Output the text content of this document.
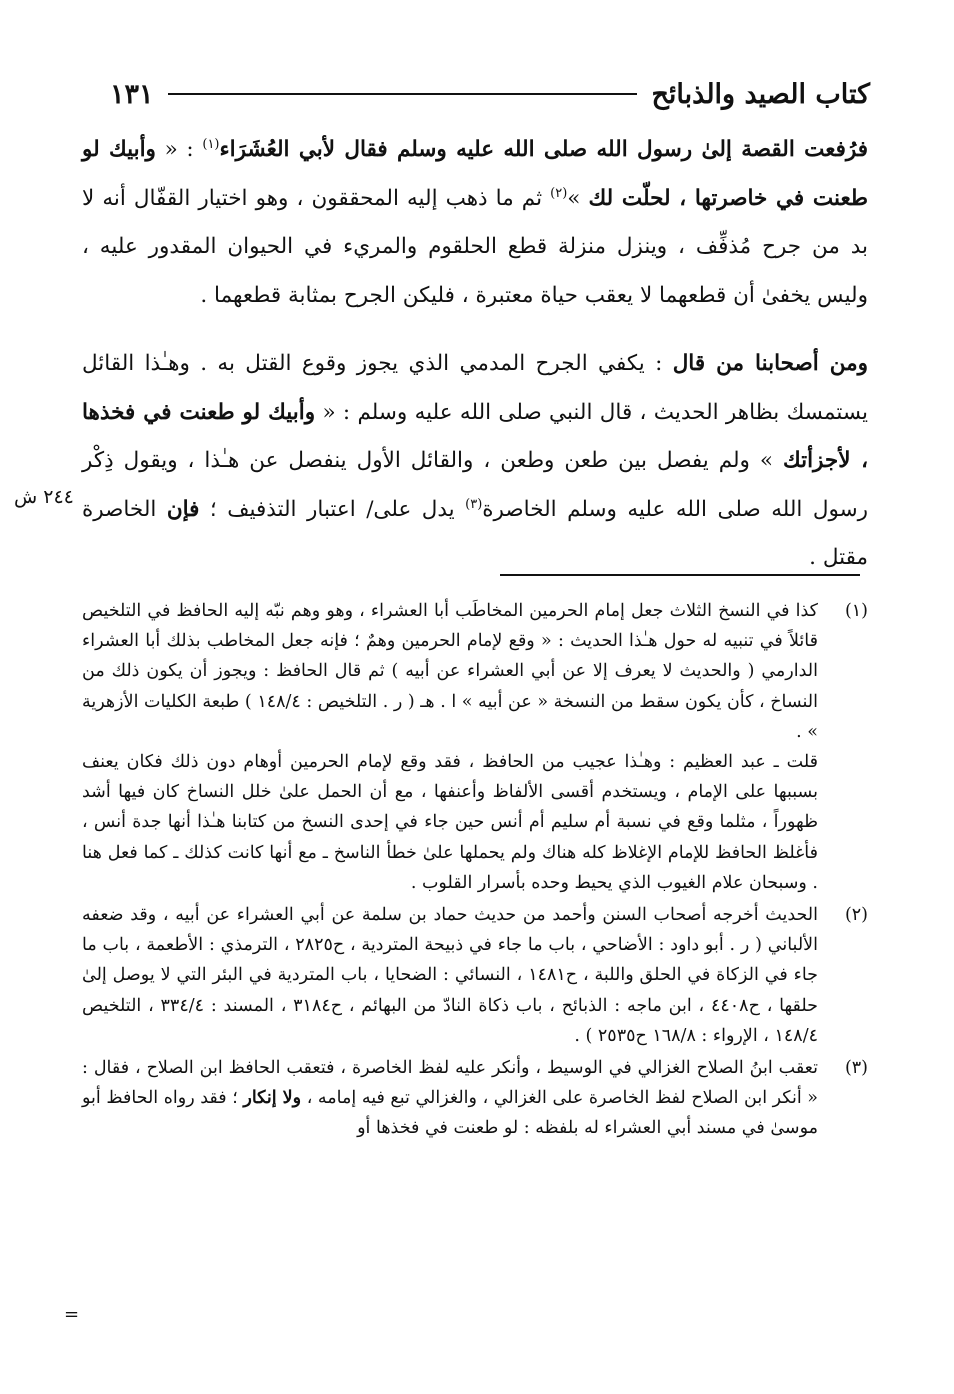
كتاب الصيد والذبائح
١٣١

فرُفعت القصة إلىٰ رسول الله صلى الله عليه وسلم فقال لأبي العُشَرَاء$^{(١)}$ : « وأبيك لو طعنت في خاصرتها ، لحلّت لك »$^{(٢)}$ ثم ما ذهب إليه المحققون ، وهو اختيار القفّال أنه لا بد من جرح مُذفِّف ، وينزل منزلة قطع الحلقوم والمريء في الحيوان المقدور عليه ، وليس يخفىٰ أن قطعهما لا يعقب حياة معتبرة ، فليكن الجرح بمثابة قطعهما .

ومن أصحابنا من قال : يكفي الجرح المدمي الذي يجوز وقوع القتل به . وهـٰذا القائل يستمسك بظاهر الحديث ، قال النبي صلى الله عليه وسلم : « وأبيك لو طعنت في فخذها ، لأجزأتك » ولم يفصل بين طعن وطعن ، والقائل الأول ينفصل عن هـٰذا ، ويقول ذِكْر رسول الله صلى الله عليه وسلم الخاصرة$^{(٣)}$ يدل على/ اعتبار التذفيف ؛ فإن الخاصرة مقتل .

٢٤٤ ش
(١)

كذا في النسخ الثلاث جعل إمام الحرمين المخاطَب أبا العشراء ، وهو وهم نبّه إليه الحافظ في التلخيص قائلاً في تنبيه له حول هـٰذا الحديث : « وقع لإمام الحرمين وهمٌ ؛ فإنه جعل المخاطب بذلك أبا العشراء الدارمي ( والحديث لا يعرف إلا عن أبي العشراء عن أبيه ) ثم قال الحافظ : ويجوز أن يكون ذلك من النساخ ، كأن يكون سقط من النسخة « عن أبيه » ا . هـ ( ر . التلخيص : ١٤٨/٤ ) طبعة الكليات الأزهرية » .

قلت ـ عبد العظيم : وهـٰذا عجيب من الحافظ ، فقد وقع لإمام الحرمين أوهام دون ذلك فكان يعنف بسببها على الإمام ، ويستخدم أقسى الألفاظ وأعنفها ، مع أن الحمل علىٰ خلل النساخ كان فيها أشد ظهوراً ، مثلما وقع في نسبة أم سليم أم أنس حين جاء في إحدى النسخ من كتابنا هـٰذا أنها جدة أنس ، فأغلظ الحافظ للإمام الإغلاظ كله هناك ولم يحملها علىٰ خطأ الناسخ ـ مع أنها كانت كذلك ـ كما فعل هنا . وسبحان علام الغيوب الذي يحيط وحده بأسرار القلوب .

(٢)

الحديث أخرجه أصحاب السنن وأحمد من حديث حماد بن سلمة عن أبي العشراء عن أبيه ، وقد ضعفه الألباني ( ر . أبو داود : الأضاحي ، باب ما جاء في ذبيحة المتردية ، ح٢٨٢٥ ، الترمذي : الأطعمة ، باب ما جاء في الزكاة في الحلق واللبة ، ح١٤٨١ ، النسائي : الضحايا ، باب المتردية في البئر التي لا يوصل إلىٰ حلقها ، ح٤٤٠٨ ، ابن ماجه : الذبائح ، باب ذكاة النادّ من البهائم ، ح٣١٨٤ ، المسند : ٣٣٤/٤ ، التلخيص ١٤٨/٤ ، الإرواء : ١٦٨/٨ ح٢٥٣٥ ) .

(٣)

تعقب ابنُ الصلاح الغزالي في الوسيط ، وأنكر عليه لفظ الخاصرة ، فتعقب الحافظ ابن الصلاح ، فقال : « أنكر ابن الصلاح لفظ الخاصرة على الغزالي ، والغزالي تبع فيه إمامه ، ولا إنكار ؛ فقد رواه الحافظ أبو موسىٰ في مسند أبي العشراء له بلفظه : لو طعنت في فخذها أو

=
